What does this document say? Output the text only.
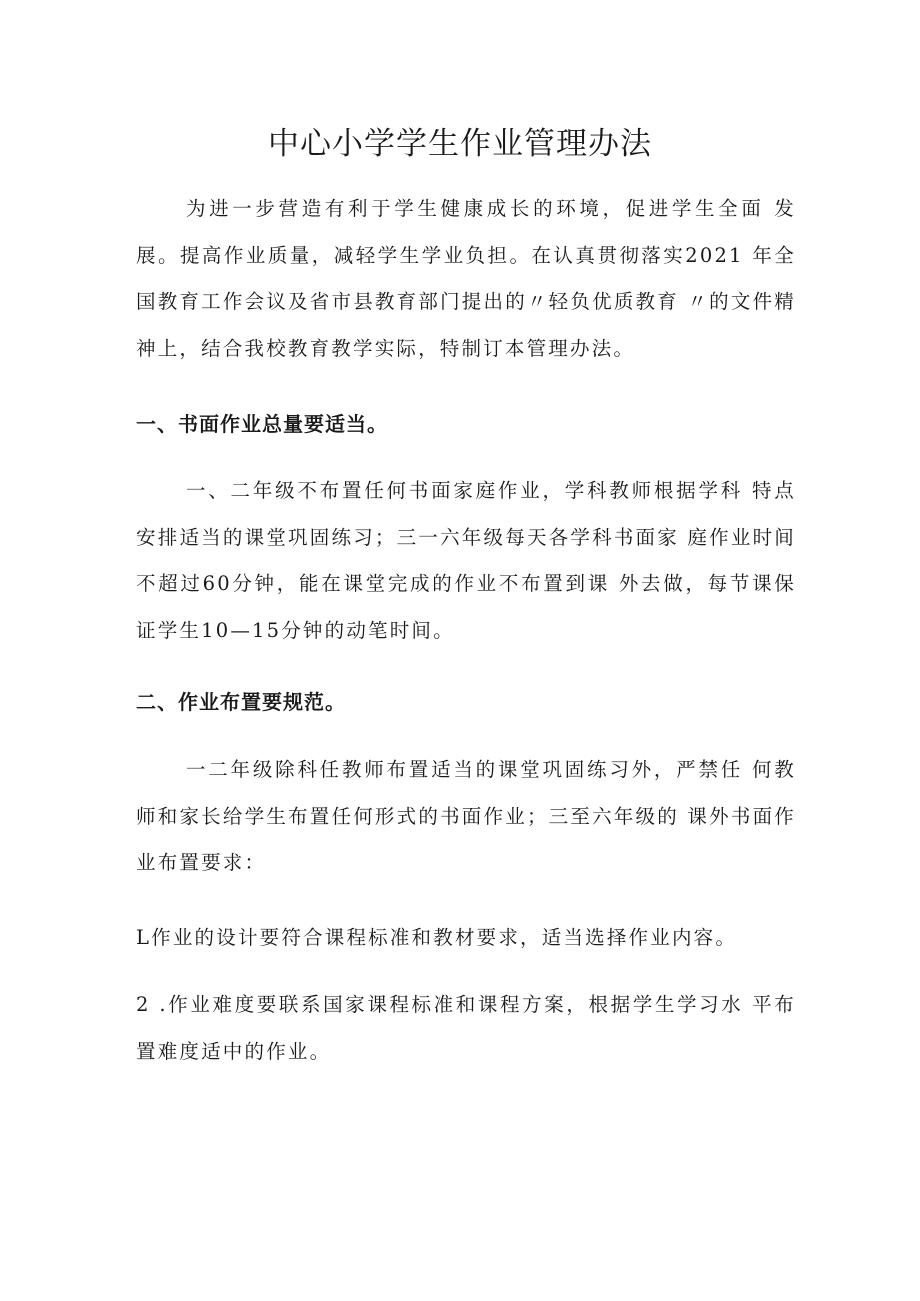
中心小学学生作业管理办法

为进一步营造有利于学生健康成长的环境，促进学生全面 发展。提高作业质量，减轻学生学业负担。在认真贯彻落实2021 年全国教育工作会议及省市县教育部门提出的〃轻负优质教育 〃的文件精神上，结合我校教育教学实际，特制订本管理办法。

一、书面作业总量要适当。

一、二年级不布置任何书面家庭作业，学科教师根据学科 特点安排适当的课堂巩固练习；三一六年级每天各学科书面家 庭作业时间不超过60分钟，能在课堂完成的作业不布置到课 外去做，每节课保证学生10—15分钟的动笔时间。

二、作业布置要规范。

一二年级除科任教师布置适当的课堂巩固练习外，严禁任 何教师和家长给学生布置任何形式的书面作业；三至六年级的 课外书面作业布置要求：

L作业的设计要符合课程标准和教材要求，适当选择作业内容。

2 .作业难度要联系国家课程标准和课程方案，根据学生学习水 平布置难度适中的作业。
